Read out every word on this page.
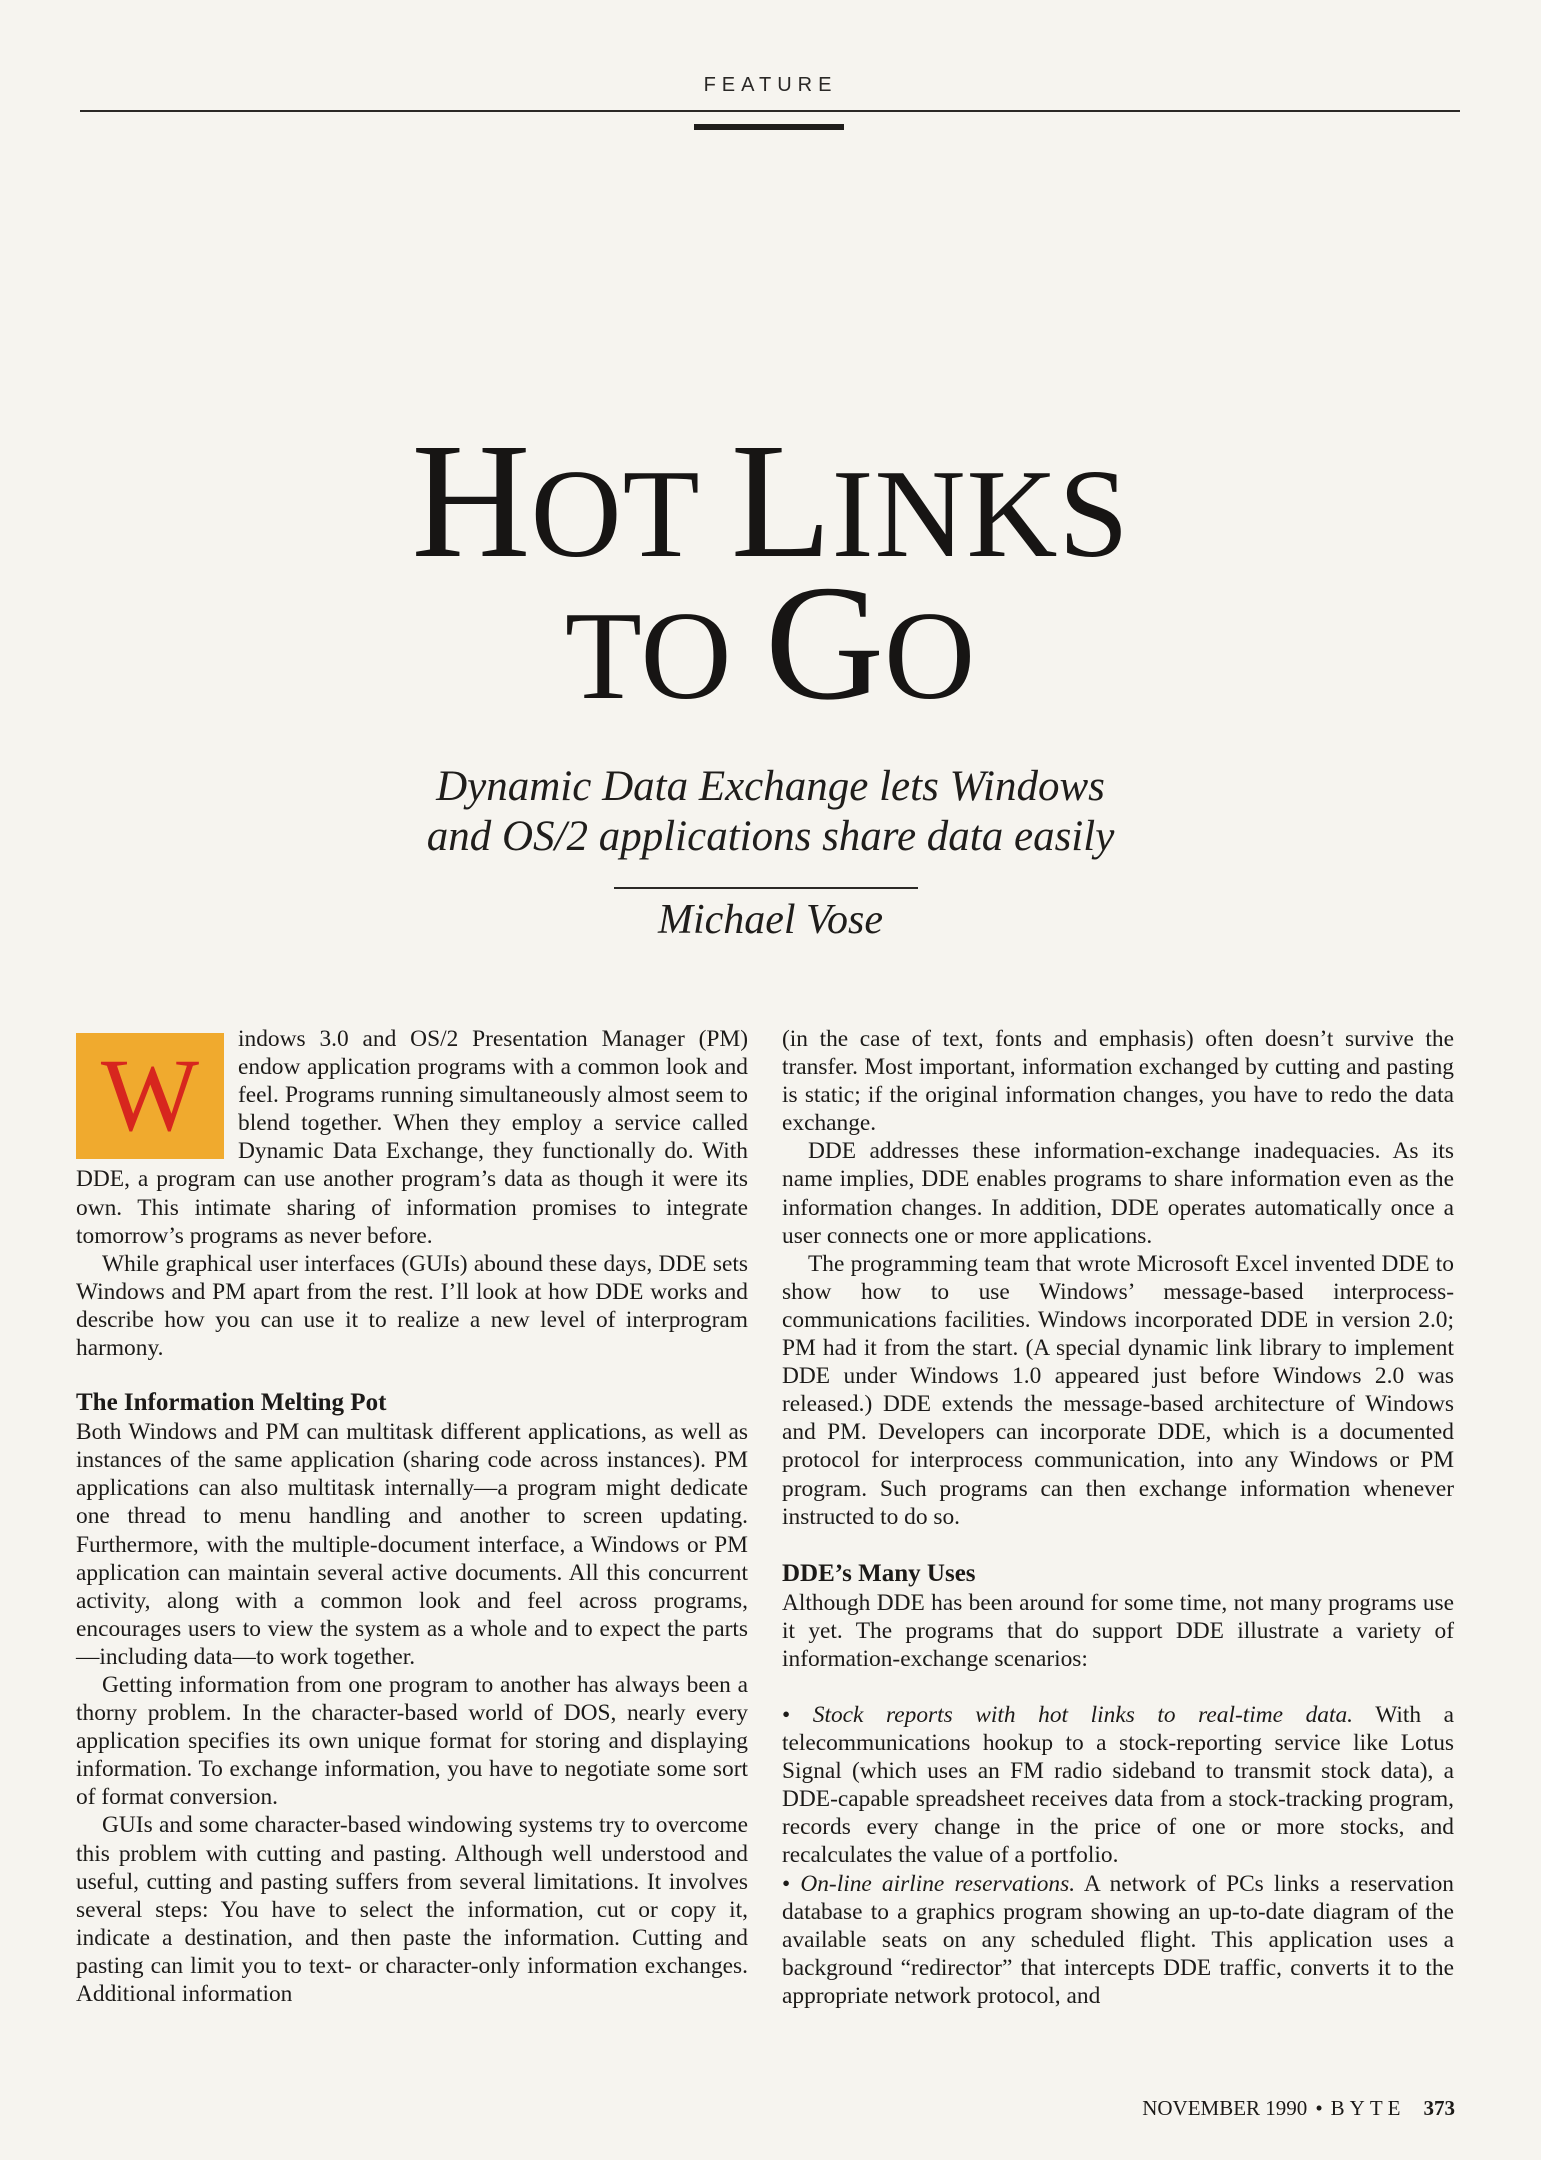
FEATURE
HOT LINKS
TO GO
Dynamic Data Exchange lets Windows
and OS/2 applications share data easily
Michael Vose
W	indows 3.0 and OS/2 Presentation Manager (PM) endow application programs with a common look and feel. Programs running simultaneously almost seem to blend together. When they employ a service called Dynamic Data Exchange, they functionally do. With DDE, a program can use another program’s data as though it were its own. This intimate sharing of information promises to integrate tomorrow’s programs as never before.

While graphical user interfaces (GUIs) abound these days, DDE sets Windows and PM apart from the rest. I’ll look at how DDE works and describe how you can use it to realize a new level of interprogram harmony.

The Information Melting Pot

Both Windows and PM can multitask different applications, as well as instances of the same application (sharing code across instances). PM applications can also multitask internally—a program might dedicate one thread to menu handling and another to screen updating. Furthermore, with the multiple-document interface, a Windows or PM application can maintain several active documents. All this concurrent activity, along with a common look and feel across programs, encourages users to view the system as a whole and to expect the parts—including data—to work together.

Getting information from one program to another has always been a thorny problem. In the character-based world of DOS, nearly every application specifies its own unique format for storing and displaying information. To exchange information, you have to negotiate some sort of format conversion.

GUIs and some character-based windowing systems try to overcome this problem with cutting and pasting. Although well understood and useful, cutting and pasting suffers from several limitations. It involves several steps: You have to select the information, cut or copy it, indicate a destination, and then paste the information. Cutting and pasting can limit you to text- or character-only information exchanges. Additional information

(in the case of text, fonts and emphasis) often doesn’t survive the transfer. Most important, information exchanged by cutting and pasting is static; if the original information changes, you have to redo the data exchange.

DDE addresses these information-exchange inadequacies. As its name implies, DDE enables programs to share information even as the information changes. In addition, DDE operates automatically once a user connects one or more applications.

The programming team that wrote Microsoft Excel invented DDE to show how to use Windows’ message-based interprocess-communications facilities. Windows incorporated DDE in version 2.0; PM had it from the start. (A special dynamic link library to implement DDE under Windows 1.0 appeared just before Windows 2.0 was released.) DDE extends the message-based architecture of Windows and PM. Developers can incorporate DDE, which is a documented protocol for interprocess communication, into any Windows or PM program. Such programs can then exchange information whenever instructed to do so.

DDE’s Many Uses

Although DDE has been around for some time, not many programs use it yet. The programs that do support DDE illustrate a variety of information-exchange scenarios:

• Stock reports with hot links to real-time data. With a telecommunications hookup to a stock-reporting service like Lotus Signal (which uses an FM radio sideband to transmit stock data), a DDE-capable spreadsheet receives data from a stock-tracking program, records every change in the price of one or more stocks, and recalculates the value of a portfolio.

• On-line airline reservations. A network of PCs links a reservation database to a graphics program showing an up-to-date diagram of the available seats on any scheduled flight. This application uses a background “redirector” that intercepts DDE traffic, converts it to the appropriate network protocol, and

NOVEMBER 1990 • BYTE 373
